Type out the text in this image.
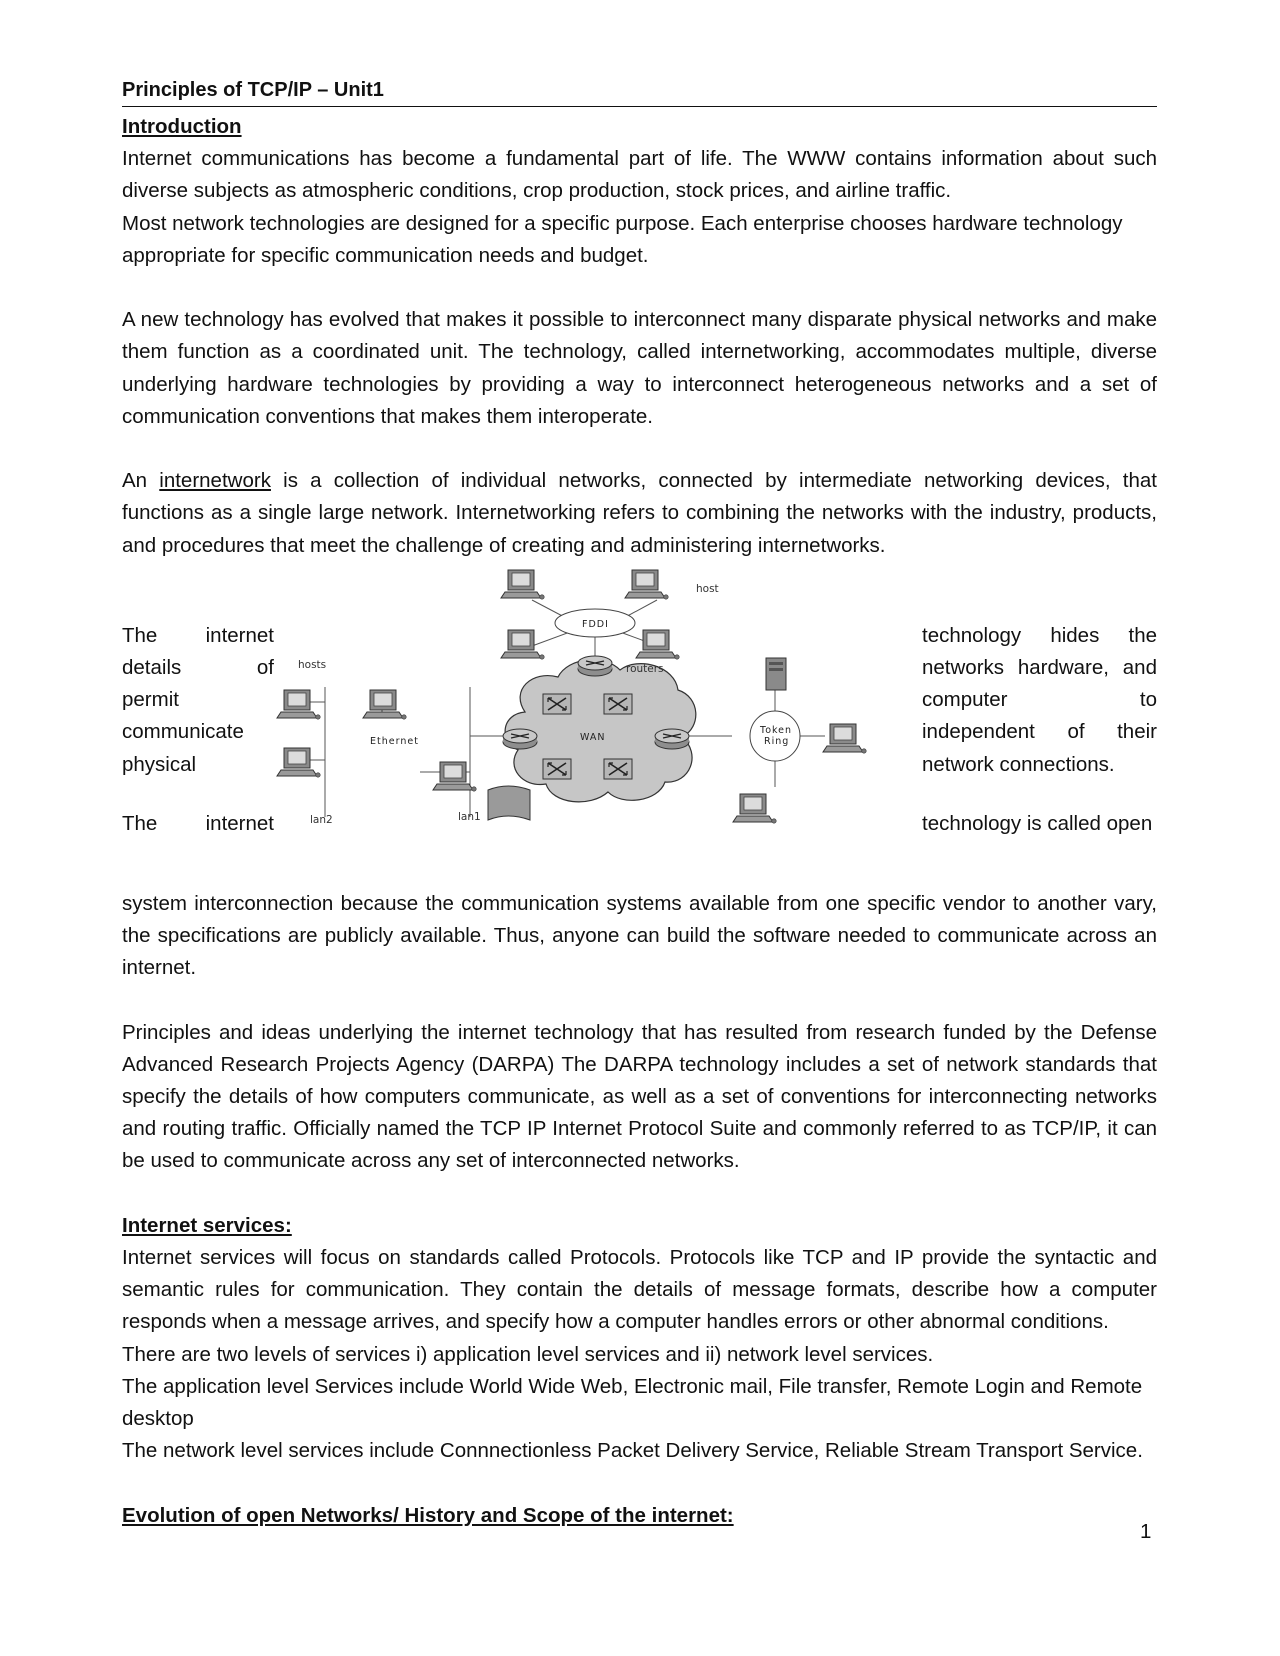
Principles of TCP/IP – Unit1

Introduction

Internet communications has become a fundamental part of life. The WWW contains information about such diverse subjects as atmospheric conditions, crop production, stock prices, and airline traffic.

Most network technologies are designed for a specific purpose. Each enterprise chooses hardware technology appropriate for specific communication needs and budget.

A new technology has evolved that makes it possible to interconnect many disparate physical networks and make them function as a coordinated unit. The technology, called internetworking, accommodates multiple, diverse underlying hardware technologies by providing a way to interconnect heterogeneous networks and a set of communication conventions that makes them interoperate.

An internetwork is a collection of individual networks, connected by intermediate networking devices, that functions as a single large network. Internetworking refers to combining the networks with the industry, products, and procedures that meet the challenge of creating and administering internetworks.

The internet
details	of
permit
communicate
physical
The internet
technology hides the
networks hardware, and
computer	to
independent of their
network connections.
technology is called open
FDDI
WAN
Token
Ring
host
hosts	routers
Ethernet
lan2	lan1

system interconnection because the communication systems available from one specific vendor to another vary, the specifications are publicly available. Thus, anyone can build the software needed to communicate across an internet.

Principles and ideas underlying the internet technology that has resulted from research funded by the Defense Advanced Research Projects Agency (DARPA) The DARPA technology includes a set of network standards that specify the details of how computers communicate, as well as a set of conventions for interconnecting networks and routing traffic. Officially named the TCP IP Internet Protocol Suite and commonly referred to as TCP/IP, it can be used to communicate across any set of interconnected networks.

Internet services:

Internet services will focus on standards called Protocols. Protocols like TCP and IP provide the syntactic and semantic rules for communication. They contain the details of message formats, describe how a computer responds when a message arrives, and specify how a computer handles errors or other abnormal conditions.

There are two levels of services i) application level services and ii) network level services.

The application level Services include World Wide Web, Electronic mail, File transfer, Remote Login and Remote desktop

The network level services include Connnectionless Packet Delivery Service, Reliable Stream Transport Service.

Evolution of open Networks/ History and Scope of the internet:

1
